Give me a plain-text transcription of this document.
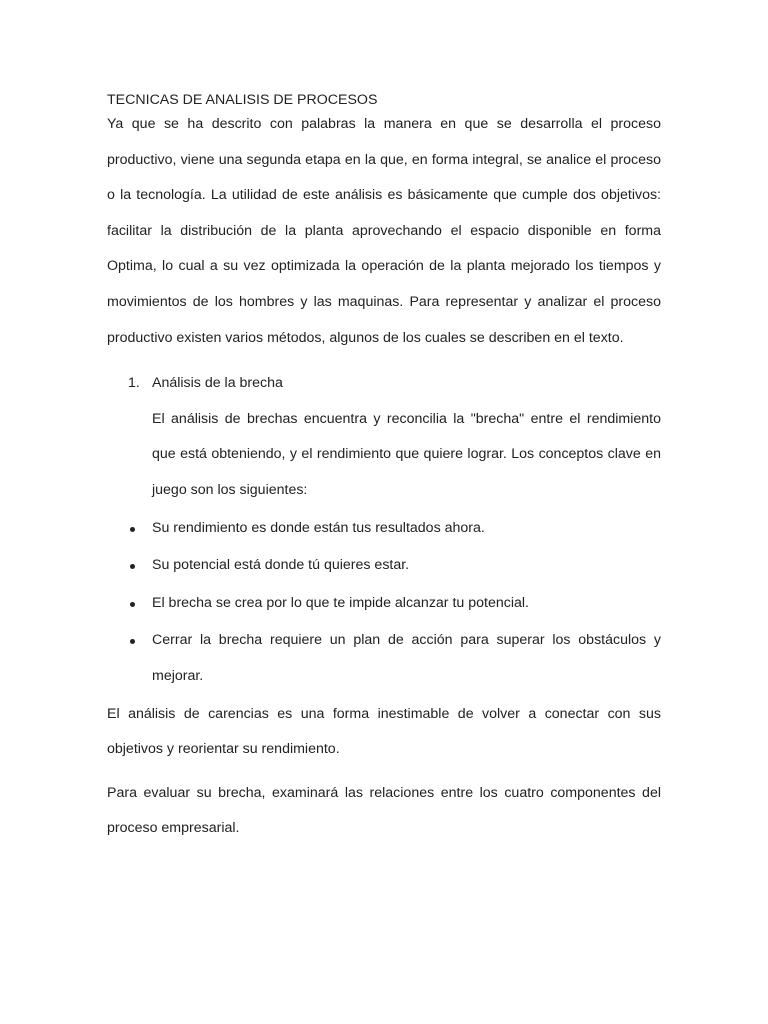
TECNICAS DE ANALISIS DE PROCESOS

Ya que se ha descrito con palabras la manera en que se desarrolla el proceso productivo, viene una segunda etapa en la que, en forma integral, se analice el proceso o la tecnología. La utilidad de este análisis es básicamente que cumple dos objetivos: facilitar la distribución de la planta aprovechando el espacio disponible en forma Optima, lo cual a su vez optimizada la operación de la planta mejorado los tiempos y movimientos de los hombres y las maquinas. Para representar y analizar el proceso productivo existen varios métodos, algunos de los cuales se describen en el texto.

1. Análisis de la brecha

El análisis de brechas encuentra y reconcilia la "brecha" entre el rendimiento que está obteniendo, y el rendimiento que quiere lograr. Los conceptos clave en juego son los siguientes:

Su rendimiento es donde están tus resultados ahora.
Su potencial está donde tú quieres estar.
El brecha se crea por lo que te impide alcanzar tu potencial.
Cerrar la brecha requiere un plan de acción para superar los obstáculos y mejorar.

El análisis de carencias es una forma inestimable de volver a conectar con sus objetivos y reorientar su rendimiento.

Para evaluar su brecha, examinará las relaciones entre los cuatro componentes del proceso empresarial.
